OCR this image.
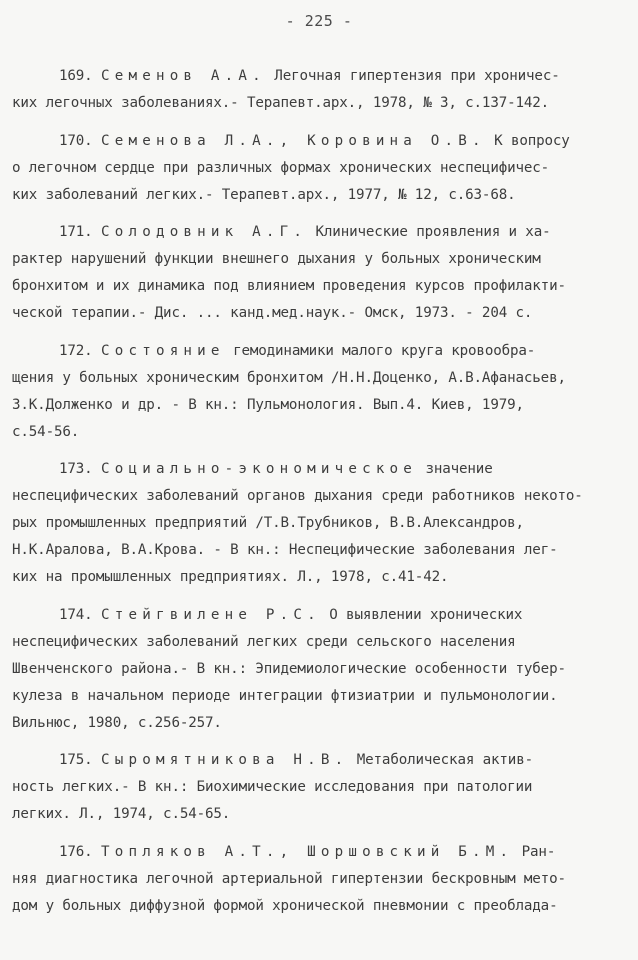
- 225 -
169. Семенов А.А. Легочная гипертензия при хроничес-
ких легочных заболеваниях.- Терапевт.арх., 1978, № 3, с.137-142.
170. Семенова Л.А., Коровина О.В. К вопросу
о легочном сердце при различных формах хронических неспецифичес-
ких заболеваний легких.- Терапевт.арх., 1977, № 12, с.63-68.
171. Солодовник А.Г. Клинические проявления и ха-
рактер нарушений функции внешнего дыхания у больных хроническим
бронхитом и их динамика под влиянием проведения курсов профилакти-
ческой терапии.- Дис. ... канд.мед.наук.- Омск, 1973. - 204 с.
172. Состояние гемодинамики малого круга кровообра-
щения у больных хроническим бронхитом /Н.Н.Доценко, А.В.Афанасьев,
З.К.Долженко и др. - В кн.: Пульмонология. Вып.4. Киев, 1979,
с.54-56.
173. Социально-экономическое значение
неспецифических заболеваний органов дыхания среди работников некото-
рых промышленных предприятий /Т.В.Трубников, В.В.Александров,
Н.К.Аралова, В.А.Крова. - В кн.: Неспецифические заболевания лег-
ких на промышленных предприятиях. Л., 1978, с.41-42.
174. Стейгвилене Р.С. О выявлении хронических
неспецифических заболеваний легких среди сельского населения
Швенченского района.- В кн.: Эпидемиологические особенности тубер-
кулеза в начальном периоде интеграции фтизиатрии и пульмонологии.
Вильнюс, 1980, с.256-257.
175. Сыромятникова Н.В. Метаболическая актив-
ность легких.- В кн.: Биохимические исследования при патологии
легких. Л., 1974, с.54-65.
176. Топляков А.Т., Шоршовский Б.М. Ран-
няя диагностика легочной артериальной гипертензии бескровным мето-
дом у больных диффузной формой хронической пневмонии с преоблада-
